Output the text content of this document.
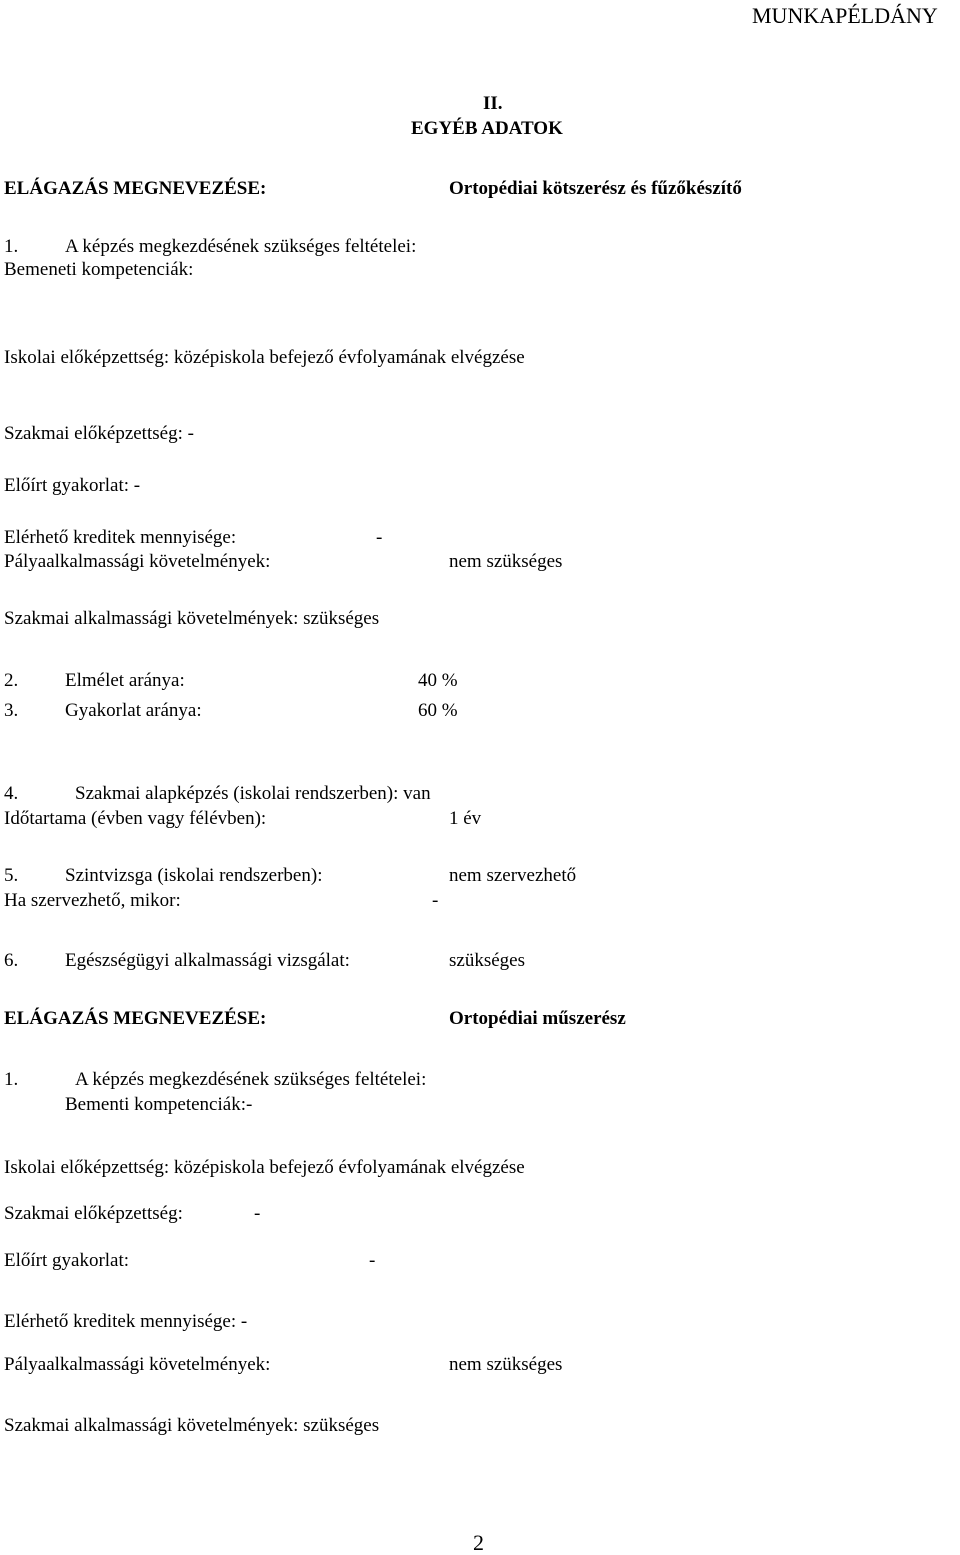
MUNKAPÉLDÁNY
II.
EGYÉB ADATOK
ELÁGAZÁS MEGNEVEZÉSE:	Ortopédiai kötszerész és fűzőkészítő
1. A képzés megkezdésének szükséges feltételei:
Bemeneti kompetenciák:
Iskolai előképzettség: középiskola befejező évfolyamának elvégzése
Szakmai előképzettség: -
Előírt gyakorlat: -
Elérhető kreditek mennyisége:	-
Pályaalkalmassági követelmények:	nem szükséges
Szakmai alkalmassági követelmények: szükséges
2. Elmélet aránya:	40 %
3. Gyakorlat aránya:	60 %
4.	Szakmai alapképzés (iskolai rendszerben): van
Időtartama (évben vagy félévben):	1 év
5. Szintvizsga (iskolai rendszerben):	nem szervezhető
Ha szervezhető, mikor:	-
6. Egészségügyi alkalmassági vizsgálat:	szükséges
ELÁGAZÁS MEGNEVEZÉSE:	Ortopédiai műszerész
1.	A képzés megkezdésének szükséges feltételei:
Bementi kompetenciák:-
Iskolai előképzettség: középiskola befejező évfolyamának elvégzése
Szakmai előképzettség:	-
Előírt gyakorlat:	-
Elérhető kreditek mennyisége: -
Pályaalkalmassági követelmények:	nem szükséges
Szakmai alkalmassági követelmények: szükséges
2
